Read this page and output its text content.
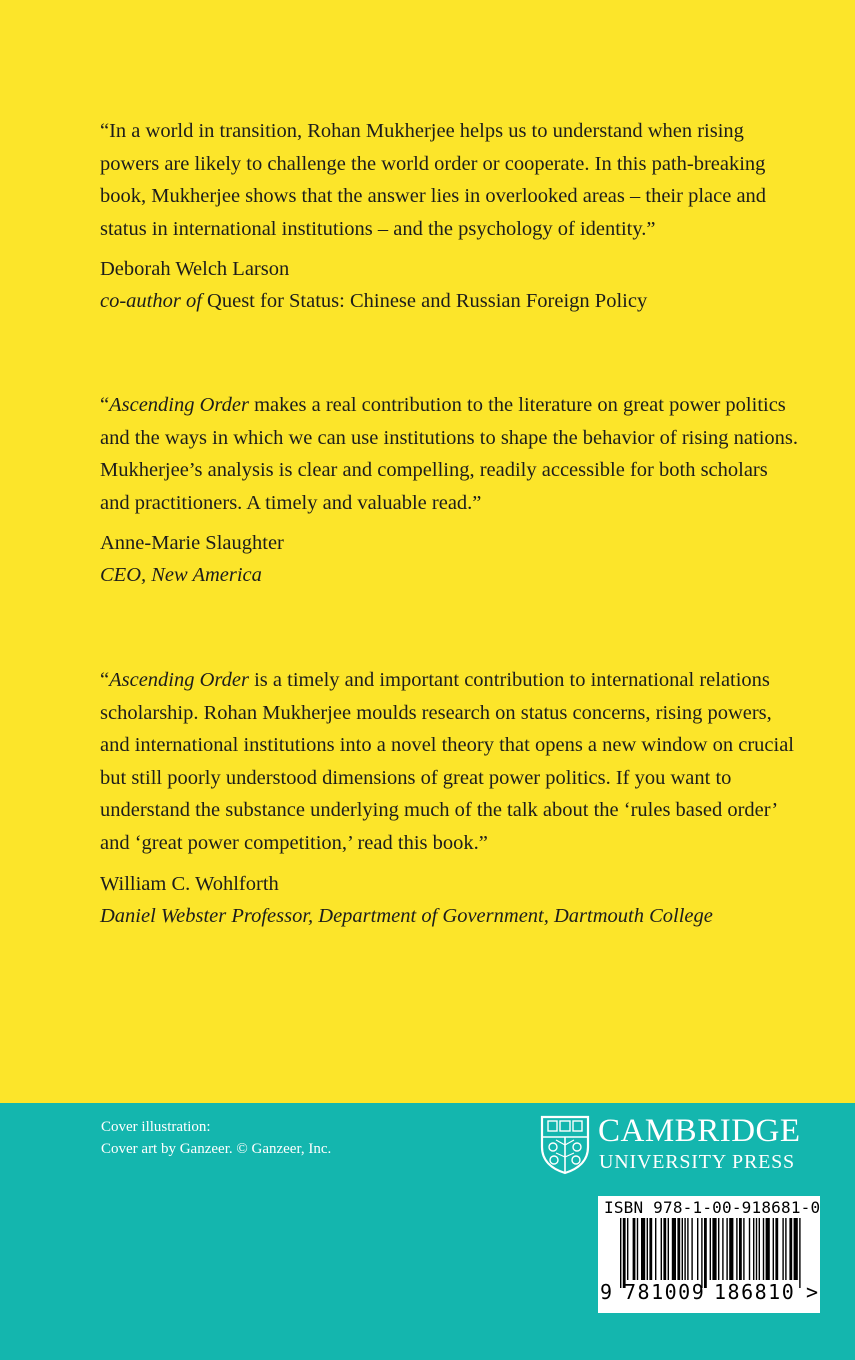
“In a world in transition, Rohan Mukherjee helps us to understand when rising powers are likely to challenge the world order or cooperate. In this path-breaking book, Mukherjee shows that the answer lies in overlooked areas – their place and status in international institutions – and the psychology of identity.”

Deborah Welch Larson

co-author of Quest for Status: Chinese and Russian Foreign Policy

“Ascending Order makes a real contribution to the literature on great power politics and the ways in which we can use institutions to shape the behavior of rising nations. Mukherjee’s analysis is clear and compelling, readily accessible for both scholars and practitioners. A timely and valuable read.”

Anne-Marie Slaughter

CEO, New America

“Ascending Order is a timely and important contribution to international relations scholarship. Rohan Mukherjee moulds research on status concerns, rising powers, and international institutions into a novel theory that opens a new window on crucial but still poorly understood dimensions of great power politics. If you want to understand the substance underlying much of the talk about the ‘rules based order’ and ‘great power competition,’ read this book.”

William C. Wohlforth

Daniel Webster Professor, Department of Government, Dartmouth College

Cover illustration:
Cover art by Ganzeer. © Ganzeer, Inc.	CAMBRIDGE
UNIVERSITY PRESS
ISBN 978-1-00-918681-0
9 781009 186810 >
